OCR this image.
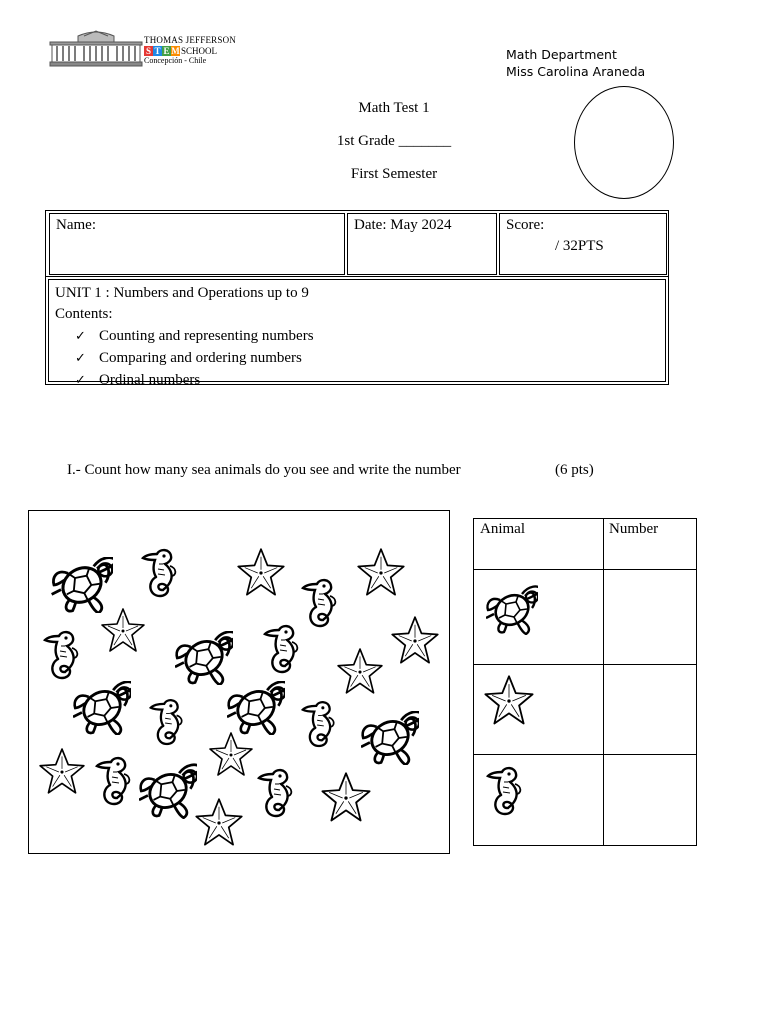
THOMAS JEFFERSON
S T E M SCHOOL
Concepción - Chile	Math Department
Miss Carolina Araneda
Math Test 1
1st Grade _______
First Semester
Name:	Date: May 2024	Score:
/ 32PTS
UNIT 1 : Numbers and Operations up to 9
Contents:
✓ Counting and representing numbers
✓ Comparing and ordering numbers
✓ Ordinal numbers
I.- Count how many sea animals do you see and write the number	(6 pts)
Animal	Number
